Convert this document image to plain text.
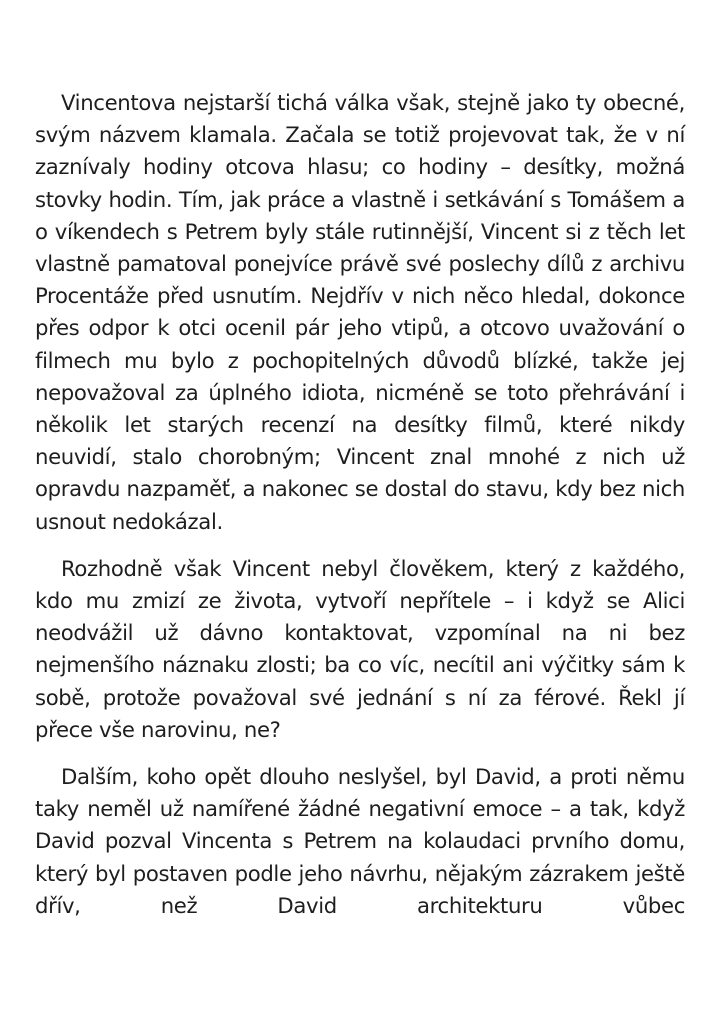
Vincentova nejstarší tichá válka však, stejně jako ty obecné, svým názvem klamala. Začala se totiž projevovat tak, že v ní zaznívaly hodiny otcova hlasu; co hodiny – desítky, možná stovky hodin. Tím, jak práce a vlastně i setkávání s Tomášem a o víkendech s Petrem byly stále rutinnější, Vincent si z těch let vlastně pamatoval ponejvíce právě své poslechy dílů z archivu Procentáže před usnutím. Nejdřív v nich něco hledal, dokonce přes odpor k otci ocenil pár jeho vtipů, a otcovo uvažování o filmech mu bylo z pochopitelných důvodů blízké, takže jej nepovažoval za úplného idiota, nicméně se toto přehrávání i několik let starých recenzí na desítky filmů, které nikdy neuvidí, stalo chorobným; Vincent znal mnohé z nich už opravdu nazpaměť, a nakonec se dostal do stavu, kdy bez nich usnout nedokázal.

Rozhodně však Vincent nebyl člověkem, který z každého, kdo mu zmizí ze života, vytvoří nepřítele – i když se Alici neodvážil už dávno kontaktovat, vzpomínal na ni bez nejmenšího náznaku zlosti; ba co víc, necítil ani výčitky sám k sobě, protože považoval své jednání s ní za férové. Řekl jí přece vše narovinu, ne?

Dalším, koho opět dlouho neslyšel, byl David, a proti němu taky neměl už namířené žádné negativní emoce – a tak, když David pozval Vincenta s Petrem na kolaudaci prvního domu, který byl postaven podle jeho návrhu, nějakým zázrakem ještě dřív, než David architekturu vůbec
